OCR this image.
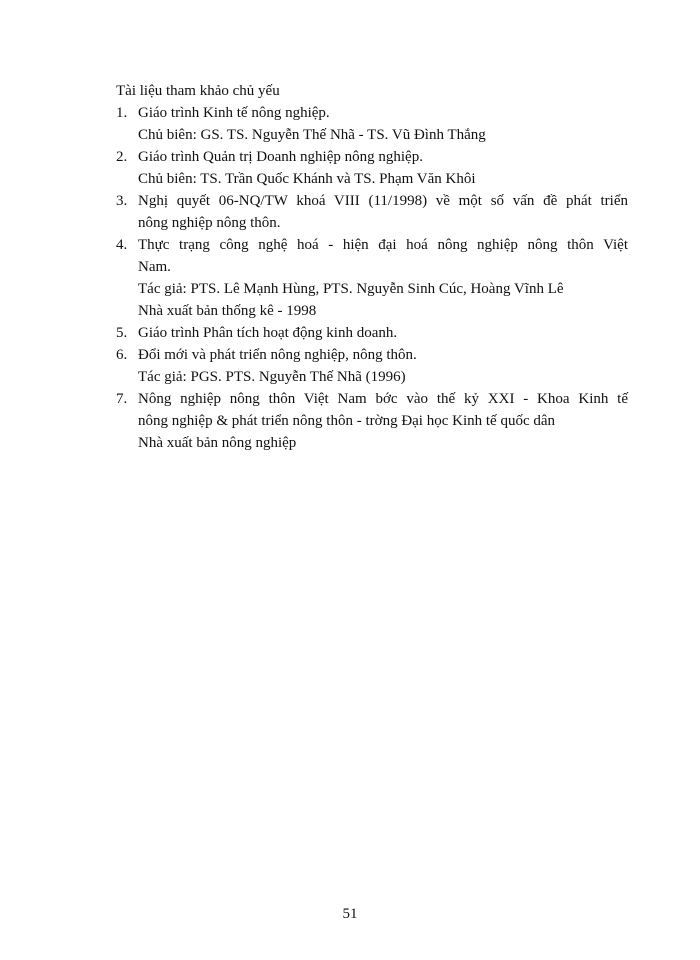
Tài liệu tham khảo chủ yếu
1. Giáo trình Kinh tế nông nghiệp.
Chủ biên: GS. TS. Nguyễn Thế Nhã - TS. Vũ Đình Thắng
2. Giáo trình Quản trị Doanh nghiệp nông nghiệp.
Chủ biên: TS. Trần Quốc Khánh và TS. Phạm Văn Khôi
3. Nghị quyết 06-NQ/TW khoá VIII (11/1998) về một số vấn đề phát triển
nông nghiệp nông thôn.
4. Thực trạng công nghệ hoá - hiện đại hoá nông nghiệp nông thôn Việt
Nam.
Tác giả: PTS. Lê Mạnh Hùng, PTS. Nguyễn Sinh Cúc, Hoàng Vĩnh Lê
Nhà xuất bản thống kê - 1998
5. Giáo trình Phân tích hoạt động kinh doanh.
6. Đổi mới và phát triển nông nghiệp, nông thôn.
Tác giả: PGS. PTS. Nguyễn Thế Nhã (1996)
7. Nông nghiệp nông thôn Việt Nam bớc vào thế kỷ XXI - Khoa Kinh tế
nông nghiệp & phát triển nông thôn - trờng Đại học Kinh tế quốc dân
Nhà xuất bản nông nghiệp
51
